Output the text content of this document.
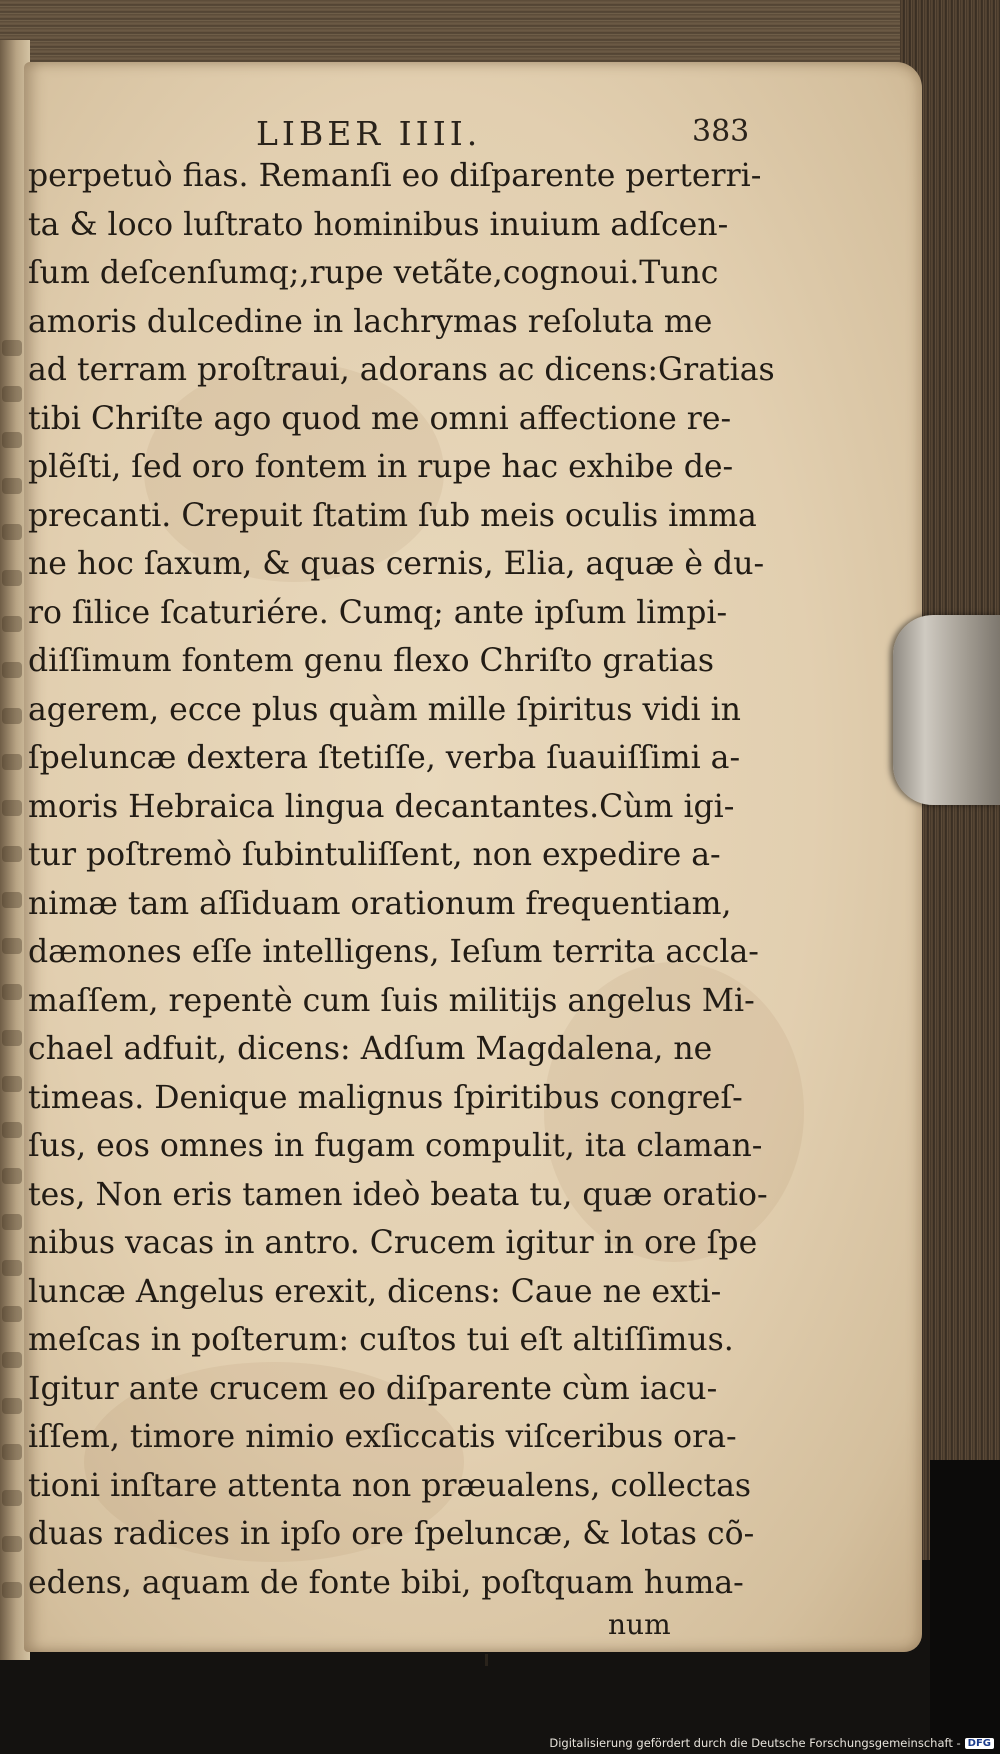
LIBER IIII.	383
perpetuò fias. Remanſi eo diſparente perterri-
ta & loco luſtrato hominibus inuium adſcen-
ſum deſcenſumq;,rupe vetãte,cognoui.Tunc
amoris dulcedine in lachrymas reſoluta me
ad terram proſtraui, adorans ac dicens:Gratias
tibi Chriſte ago quod me omni affectione re-
plẽſti, ſed oro fontem in rupe hac exhibe de-
precanti. Crepuit ſtatim ſub meis oculis imma
ne hoc ſaxum, & quas cernis, Elia, aquæ è du-
ro ſilice ſcaturiére. Cumq; ante ipſum limpi-
diſſimum fontem genu flexo Chriſto gratias
agerem, ecce plus quàm mille ſpiritus vidi in
ſpeluncæ dextera ſtetiſſe, verba ſuauiſſimi a-
moris Hebraica lingua decantantes.Cùm igi-
tur poſtremò ſubintuliſſent, non expedire a-
nimæ tam aſſiduam orationum frequentiam,
dæmones eſſe intelligens, Ieſum territa accla-
maſſem, repentè cum ſuis militijs angelus Mi-
chael adfuit, dicens: Adſum Magdalena, ne
timeas. Denique malignus ſpiritibus congreſ-
ſus, eos omnes in fugam compulit, ita claman-
tes, Non eris tamen ideò beata tu, quæ oratio-
nibus vacas in antro. Crucem igitur in ore ſpe
luncæ Angelus erexit, dicens: Caue ne exti-
meſcas in poſterum: cuſtos tui eſt altiſſimus.
Igitur ante crucem eo diſparente cùm iacu-
iſſem, timore nimio exſiccatis viſceribus ora-
tioni inſtare attenta non præualens, collectas
duas radices in ipſo ore ſpeluncæ, & lotas cõ-
edens, aquam de fonte bibi, poſtquam huma-
num
Digitalisierung gefördert durch die Deutsche Forschungsgemeinschaft - DFG
